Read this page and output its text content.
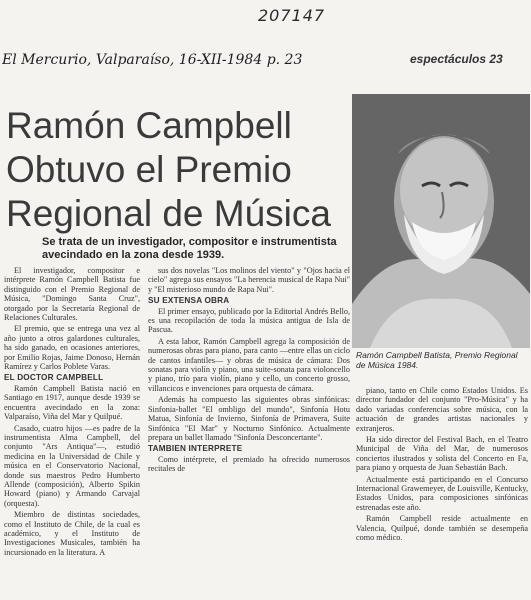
207147
El Mercurio, Valparaíso, 16-XII-1984 p. 23	espectáculos 23
Ramón Campbell
Obtuvo el Premio
Regional de Música

Ramón Campbell Batista, Premio Regional de Música 1984.

Se trata de un investigador, compositor e instrumentista avecindado en la zona desde 1939.

El investigador, compositor e intérprete Ramón Campbell Batista fue distinguido con el Premio Regional de Música, "Domingo Santa Cruz", otorgado por la Secretaría Regional de Relaciones Culturales.

El premio, que se entrega una vez al año junto a otros galardones culturales, ha sido ganado, en ocasiones anteriores, por Emilio Rojas, Jaime Donoso, Hernán Ramírez y Carlos Poblete Varas.

EL DOCTOR CAMPBELL

Ramón Campbell Batista nació en Santiago en 1917, aunque desde 1939 se encuentra avecindado en la zona: Valparaíso, Viña del Mar y Quilpué.

Casado, cuatro hijos —es padre de la instrumentista Alma Campbell, del conjunto "Ars Antiqua"—, estudió medicina en la Universidad de Chile y música en el Conservatorio Nacional, donde sus maestros Pedro Humberto Allende (composición), Alberto Spikin Howard (piano) y Armando Carvajal (orquesta).

Miembro de distintas sociedades, como el Instituto de Chile, de la cual es académico, y el Instituto de Investigaciones Musicales, también ha incursionado en la literatura. A

sus dos novelas "Los molinos del viento" y "Ojos hacia el cielo" agrega sus ensayos "La herencia musical de Rapa Nui" y "El misterioso mundo de Rapa Nui".

SU EXTENSA OBRA

El primer ensayo, publicado por la Editorial Andrés Bello, es una recopilación de toda la música antigua de Isla de Pascua.

A esta labor, Ramón Campbell agrega la composición de numerosas obras para piano, para canto —entre ellas un ciclo de cantos infantiles— y obras de música de cámara: Dos sonatas para violín y piano, una suite-sonata para violoncello y piano, trío para violín, piano y cello, un concerto grosso, villancicos e invenciones para orquesta de cámara.

Además ha compuesto las siguientes obras sinfónicas: Sinfonia-ballet "El ombligo del mundo", Sinfonía Hotu Matua, Sinfonía de Invierno, Sinfonía de Primavera, Suite Sinfónica "El Mar" y Nocturno Sinfónico. Actualmente prepara un ballet llamado "Sinfonía Desconcertante".

TAMBIEN INTERPRETE

Como intérprete, el premiado ha ofrecido numerosos recitales de

piano, tanto en Chile como Estados Unidos. Es director fundador del conjunto "Pro-Música" y ha dado variadas conferencias sobre música, con la actuación de grandes artistas nacionales y extranjeros.

Ha sido director del Festival Bach, en el Teatro Municipal de Viña del Mar, de numerosos conciertos ilustrados y solista del Concerto en Fa, para piano y orquesta de Juan Sebastián Bach.

Actualmente está participando en el Concurso Internacional Grawemeyer, de Louisville, Kentucky, Estados Unidos, para composiciones sinfónicas estrenadas este año.

Ramón Campbell reside actualmente en Valencia, Quilpué, donde también se desempeña como médico.
